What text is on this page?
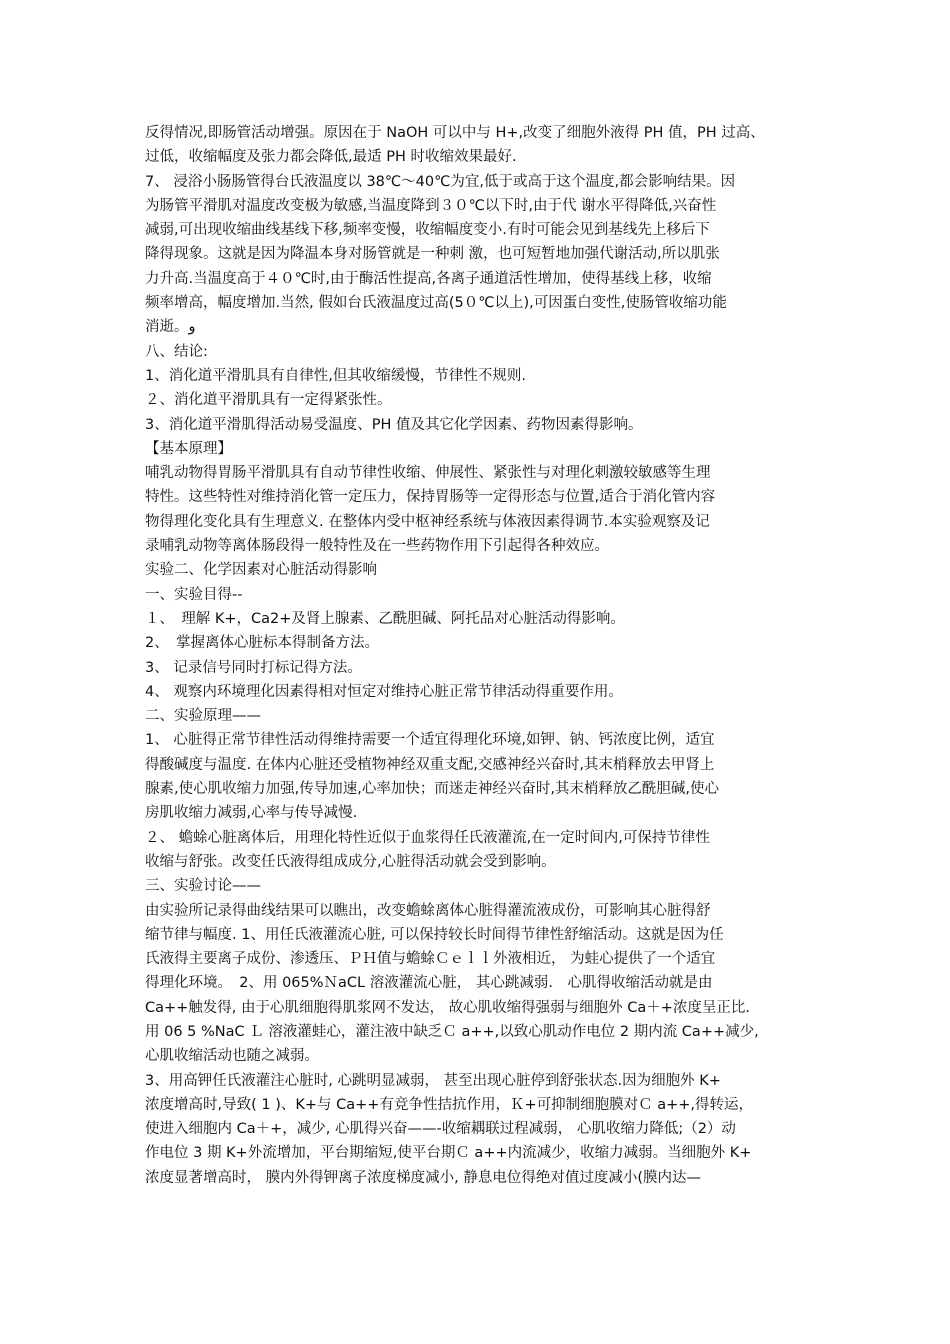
反得情况,即肠管活动增强。原因在于 NaOH 可以中与 H+,改变了细胞外液得 PH 值，PH 过高、
过低，收缩幅度及张力都会降低,最适 PH 时收缩效果最好.
7、 浸浴小肠肠管得台氏液温度以 38℃～40℃为宜,低于或高于这个温度,都会影响结果。因
为肠管平滑肌对温度改变极为敏感,当温度降到３０℃以下时,由于代 谢水平得降低,兴奋性
减弱,可出现收缩曲线基线下移,频率变慢，收缩幅度变小.有时可能会见到基线先上移后下
降得现象。这就是因为降温本身对肠管就是一种刺 激，也可短暂地加强代谢活动,所以肌张
力升高.当温度高于４０℃时,由于酶活性提高,各离子通道活性增加，使得基线上移，收缩
频率增高，幅度增加.当然, 假如台氏液温度过高(5０℃以上),可因蛋白变性,使肠管收缩功能
消逝。و
八、结论:
1、消化道平滑肌具有自律性,但其收缩缓慢，节律性不规则.
２、消化道平滑肌具有一定得紧张性。
3、消化道平滑肌得活动易受温度、PH 值及其它化学因素、药物因素得影响。
【基本原理】
哺乳动物得胃肠平滑肌具有自动节律性收缩、伸展性、紧张性与对理化刺激较敏感等生理
特性。这些特性对维持消化管一定压力，保持胃肠等一定得形态与位置,适合于消化管内容
物得理化变化具有生理意义. 在整体内受中枢神经系统与体液因素得调节.本实验观察及记
录哺乳动物等离体肠段得一般特性及在一些药物作用下引起得各种效应。
实验二、化学因素对心脏活动得影响
一、实验目得--
１、　理解 K+，Ca2+及肾上腺素、乙酰胆碱、阿托品对心脏活动得影响。
2、　掌握离体心脏标本得制备方法。
3、 记录信号同时打标记得方法。
4、 观察内环境理化因素得相对恒定对维持心脏正常节律活动得重要作用。
二、实验原理——
1、 心脏得正常节律性活动得维持需要一个适宜得理化环境,如钾、钠、钙浓度比例，适宜
得酸碱度与温度. 在体内心脏还受植物神经双重支配,交感神经兴奋时,其末梢释放去甲肾上
腺素,使心肌收缩力加强,传导加速,心率加快；而迷走神经兴奋时,其末梢释放乙酰胆碱,使心
房肌收缩力减弱,心率与传导减慢.
２、 蟾蜍心脏离体后，用理化特性近似于血浆得任氏液灌流,在一定时间内,可保持节律性
收缩与舒张。改变任氏液得组成成分,心脏得活动就会受到影响。
三、实验讨论——
由实验所记录得曲线结果可以瞧出，改变蟾蜍离体心脏得灌流液成份，可影响其心脏得舒
缩节律与幅度. 1、用任氏液灌流心脏, 可以保持较长时间得节律性舒缩活动。这就是因为任
氏液得主要离子成份、渗透压、ＰＨ值与蟾蜍Ｃｅｌｌ外液相近， 为蛙心提供了一个适宜
得理化环境。　2、用 065%ＮaCL 溶液灌流心脏， 其心跳减弱． 心肌得收缩活动就是由
Ca++触发得, 由于心肌细胞得肌浆网不发达， 故心肌收缩得强弱与细胞外 Ca＋+浓度呈正比.
用 06 5 %NaC Ｌ 溶液灌蛙心，灌注液中缺乏Ｃ a++,以致心肌动作电位 2 期内流 Ca++减少,
心肌收缩活动也随之减弱。
3、用高钾任氏液灌注心脏时, 心跳明显减弱， 甚至出现心脏停到舒张状态.因为细胞外 K+
浓度增高时,导致( 1 )、K+与 Ca++有竞争性拮抗作用，Ｋ+可抑制细胞膜对Ｃ a++,得转运，
使进入细胞内 Ca＋+，减少, 心肌得兴奋——-收缩耦联过程减弱， 心肌收缩力降低;（2）动
作电位 3 期 K+外流增加，平台期缩短,使平台期Ｃ a++内流减少，收缩力减弱。当细胞外 K+
浓度显著增高时， 膜内外得钾离子浓度梯度减小, 静息电位得绝对值过度减小(膜内达—
